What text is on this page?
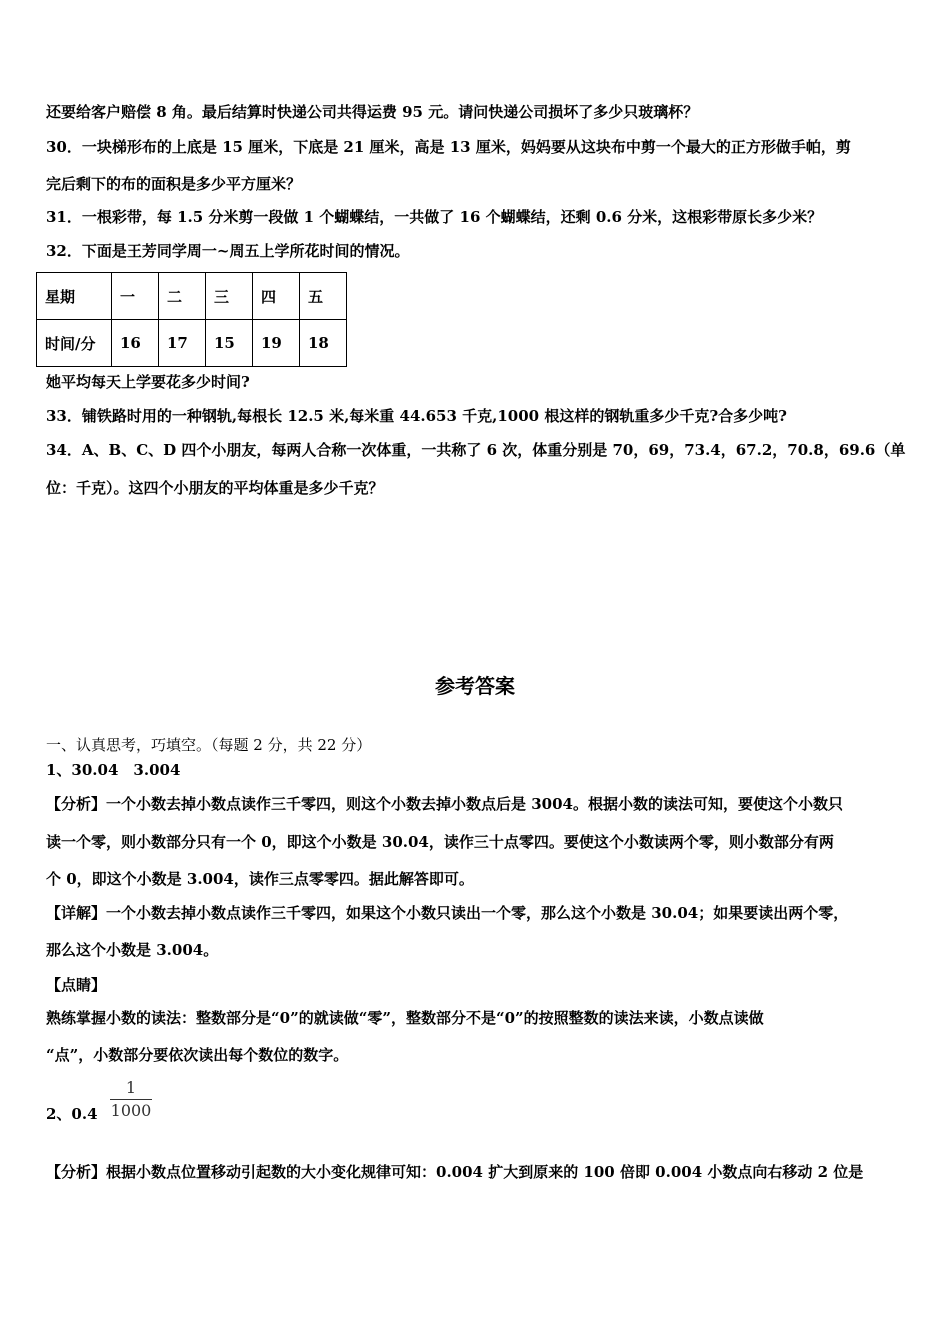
还要给客户赔偿 8 角。最后结算时快递公司共得运费 95 元。请问快递公司损坏了多少只玻璃杯？
30．一块梯形布的上底是 15 厘米，下底是 21 厘米，高是 13 厘米，妈妈要从这块布中剪一个最大的正方形做手帕，剪
完后剩下的布的面积是多少平方厘米？
31．一根彩带，每 1.5 分米剪一段做 1 个蝴蝶结，一共做了 16 个蝴蝶结，还剩 0.6 分米，这根彩带原长多少米？
32．下面是王芳同学周一~周五上学所花时间的情况。
星期	一	二	三	四	五
时间/分	16	17	15	19	18
她平均每天上学要花多少时间?
33．铺铁路时用的一种钢轨,每根长 12.5 米,每米重 44.653 千克,1000 根这样的钢轨重多少千克?合多少吨?
34．A、B、C、D 四个小朋友，每两人合称一次体重，一共称了 6 次，体重分别是 70，69，73.4，67.2，70.8，69.6（单
位：千克）。这四个小朋友的平均体重是多少千克？
参考答案
一、认真思考，巧填空。（每题 2 分，共 22 分）
1、30.04　3.004
【分析】一个小数去掉小数点读作三千零四，则这个小数去掉小数点后是 3004。根据小数的读法可知，要使这个小数只
读一个零，则小数部分只有一个 0，即这个小数是 30.04，读作三十点零四。要使这个小数读两个零，则小数部分有两
个 0，即这个小数是 3.004，读作三点零零四。据此解答即可。
【详解】一个小数去掉小数点读作三千零四，如果这个小数只读出一个零，那么这个小数是 30.04；如果要读出两个零，
那么这个小数是 3.004。
【点睛】
熟练掌握小数的读法：整数部分是“0”的就读做“零”，整数部分不是“0”的按照整数的读法来读，小数点读做
“点”，小数部分要依次读出每个数位的数字。
2、0.4
1
1000
【分析】根据小数点位置移动引起数的大小变化规律可知：0.004 扩大到原来的 100 倍即 0.004 小数点向右移动 2 位是
